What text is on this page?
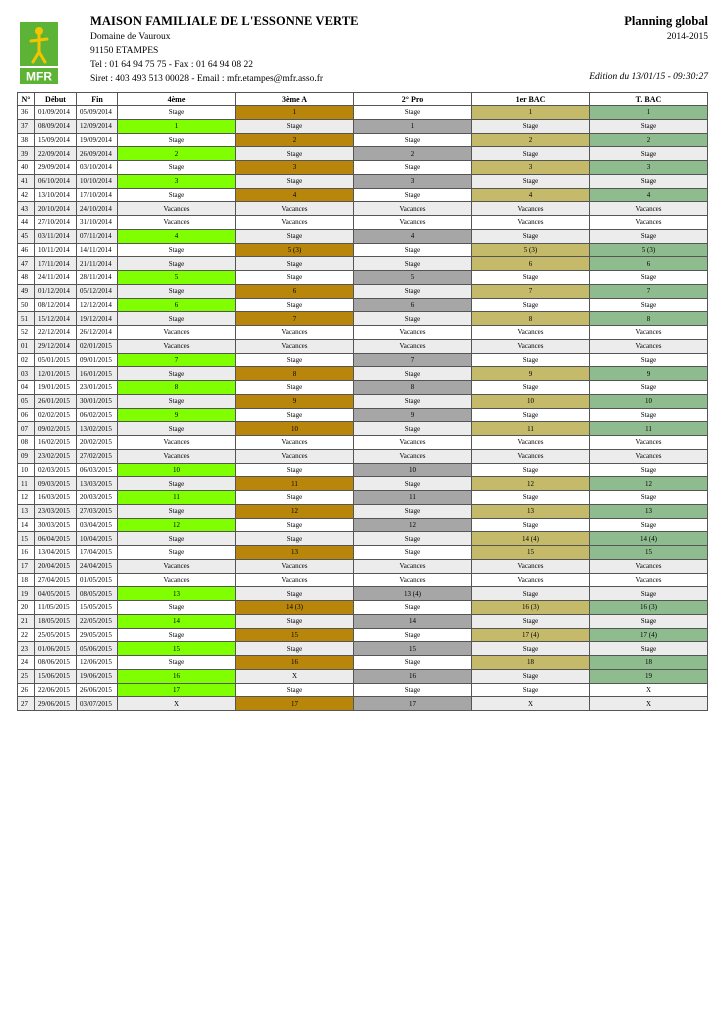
MFR
MAISON FAMILIALE DE L'ESSONNE VERTE
Domaine de Vauroux
91150 ETAMPES
Tel : 01 64 94 75 75 - Fax : 01 64 94 08 22
Siret : 403 493 513 00028 - Email : mfr.etampes@mfr.asso.fr
Planning global
2014-2015
Edition du 13/01/15 - 09:30:27
N°	Début	Fin	4ème	3ème A	2° Pro	1er BAC	T. BAC
36	01/09/2014	05/09/2014	Stage	1	Stage	1	1
37	08/09/2014	12/09/2014	1	Stage	1	Stage	Stage
38	15/09/2014	19/09/2014	Stage	2	Stage	2	2
39	22/09/2014	26/09/2014	2	Stage	2	Stage	Stage
40	29/09/2014	03/10/2014	Stage	3	Stage	3	3
41	06/10/2014	10/10/2014	3	Stage	3	Stage	Stage
42	13/10/2014	17/10/2014	Stage	4	Stage	4	4
43	20/10/2014	24/10/2014	Vacances	Vacances	Vacances	Vacances	Vacances
44	27/10/2014	31/10/2014	Vacances	Vacances	Vacances	Vacances	Vacances
45	03/11/2014	07/11/2014	4	Stage	4	Stage	Stage
46	10/11/2014	14/11/2014	Stage	5 (3)	Stage	5 (3)	5 (3)
47	17/11/2014	21/11/2014	Stage	Stage	Stage	6	6
48	24/11/2014	28/11/2014	5	Stage	5	Stage	Stage
49	01/12/2014	05/12/2014	Stage	6	Stage	7	7
50	08/12/2014	12/12/2014	6	Stage	6	Stage	Stage
51	15/12/2014	19/12/2014	Stage	7	Stage	8	8
52	22/12/2014	26/12/2014	Vacances	Vacances	Vacances	Vacances	Vacances
01	29/12/2014	02/01/2015	Vacances	Vacances	Vacances	Vacances	Vacances
02	05/01/2015	09/01/2015	7	Stage	7	Stage	Stage
03	12/01/2015	16/01/2015	Stage	8	Stage	9	9
04	19/01/2015	23/01/2015	8	Stage	8	Stage	Stage
05	26/01/2015	30/01/2015	Stage	9	Stage	10	10
06	02/02/2015	06/02/2015	9	Stage	9	Stage	Stage
07	09/02/2015	13/02/2015	Stage	10	Stage	11	11
08	16/02/2015	20/02/2015	Vacances	Vacances	Vacances	Vacances	Vacances
09	23/02/2015	27/02/2015	Vacances	Vacances	Vacances	Vacances	Vacances
10	02/03/2015	06/03/2015	10	Stage	10	Stage	Stage
11	09/03/2015	13/03/2015	Stage	11	Stage	12	12
12	16/03/2015	20/03/2015	11	Stage	11	Stage	Stage
13	23/03/2015	27/03/2015	Stage	12	Stage	13	13
14	30/03/2015	03/04/2015	12	Stage	12	Stage	Stage
15	06/04/2015	10/04/2015	Stage	Stage	Stage	14 (4)	14 (4)
16	13/04/2015	17/04/2015	Stage	13	Stage	15	15
17	20/04/2015	24/04/2015	Vacances	Vacances	Vacances	Vacances	Vacances
18	27/04/2015	01/05/2015	Vacances	Vacances	Vacances	Vacances	Vacances
19	04/05/2015	08/05/2015	13	Stage	13 (4)	Stage	Stage
20	11/05/2015	15/05/2015	Stage	14 (3)	Stage	16 (3)	16 (3)
21	18/05/2015	22/05/2015	14	Stage	14	Stage	Stage
22	25/05/2015	29/05/2015	Stage	15	Stage	17 (4)	17 (4)
23	01/06/2015	05/06/2015	15	Stage	15	Stage	Stage
24	08/06/2015	12/06/2015	Stage	16	Stage	18	18
25	15/06/2015	19/06/2015	16	X	16	Stage	19
26	22/06/2015	26/06/2015	17	Stage	Stage	Stage	X
27	29/06/2015	03/07/2015	X	17	17	X	X
